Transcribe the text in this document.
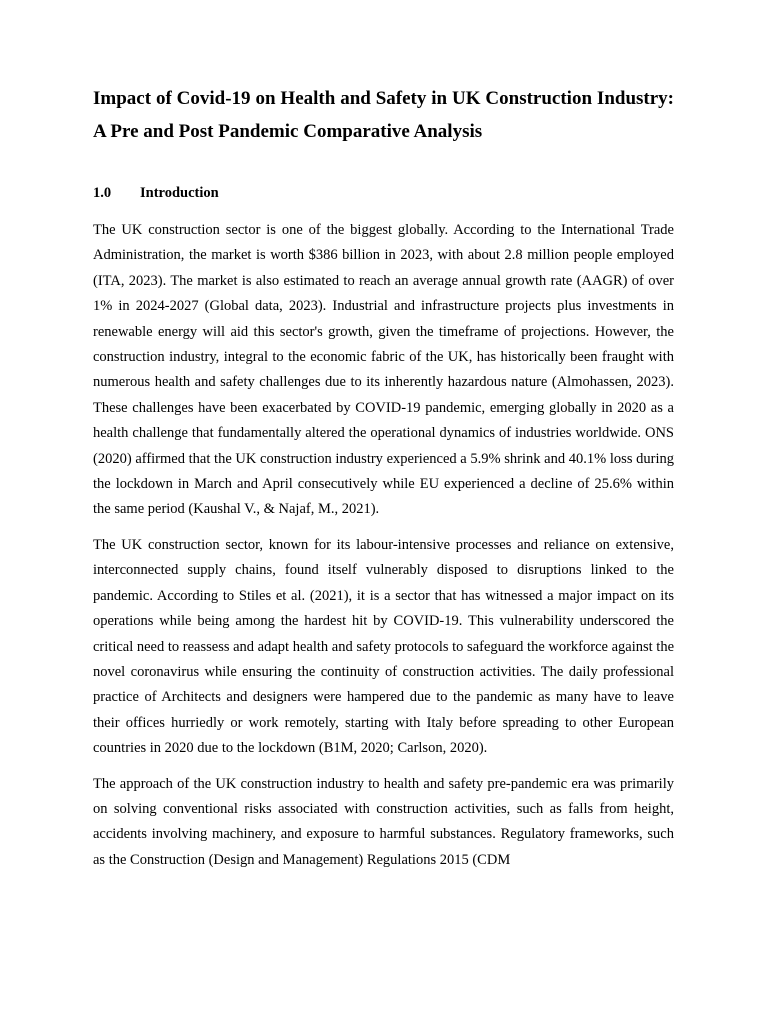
Impact of Covid-19 on Health and Safety in UK Construction Industry: A Pre and Post Pandemic Comparative Analysis
1.0	Introduction

The UK construction sector is one of the biggest globally. According to the International Trade Administration, the market is worth $386 billion in 2023, with about 2.8 million people employed (ITA, 2023). The market is also estimated to reach an average annual growth rate (AAGR) of over 1% in 2024-2027 (Global data, 2023). Industrial and infrastructure projects plus investments in renewable energy will aid this sector's growth, given the timeframe of projections. However, the construction industry, integral to the economic fabric of the UK, has historically been fraught with numerous health and safety challenges due to its inherently hazardous nature (Almohassen, 2023). These challenges have been exacerbated by COVID-19 pandemic, emerging globally in 2020 as a health challenge that fundamentally altered the operational dynamics of industries worldwide. ONS (2020) affirmed that the UK construction industry experienced a 5.9% shrink and 40.1% loss during the lockdown in March and April consecutively while EU experienced a decline of 25.6% within the same period (Kaushal V., & Najaf, M., 2021).

The UK construction sector, known for its labour-intensive processes and reliance on extensive, interconnected supply chains, found itself vulnerably disposed to disruptions linked to the pandemic. According to Stiles et al. (2021), it is a sector that has witnessed a major impact on its operations while being among the hardest hit by COVID-19. This vulnerability underscored the critical need to reassess and adapt health and safety protocols to safeguard the workforce against the novel coronavirus while ensuring the continuity of construction activities. The daily professional practice of Architects and designers were hampered due to the pandemic as many have to leave their offices hurriedly or work remotely, starting with Italy before spreading to other European countries in 2020 due to the lockdown (B1M, 2020; Carlson, 2020).

The approach of the UK construction industry to health and safety pre-pandemic era was primarily on solving conventional risks associated with construction activities, such as falls from height, accidents involving machinery, and exposure to harmful substances. Regulatory frameworks, such as the Construction (Design and Management) Regulations 2015 (CDM
